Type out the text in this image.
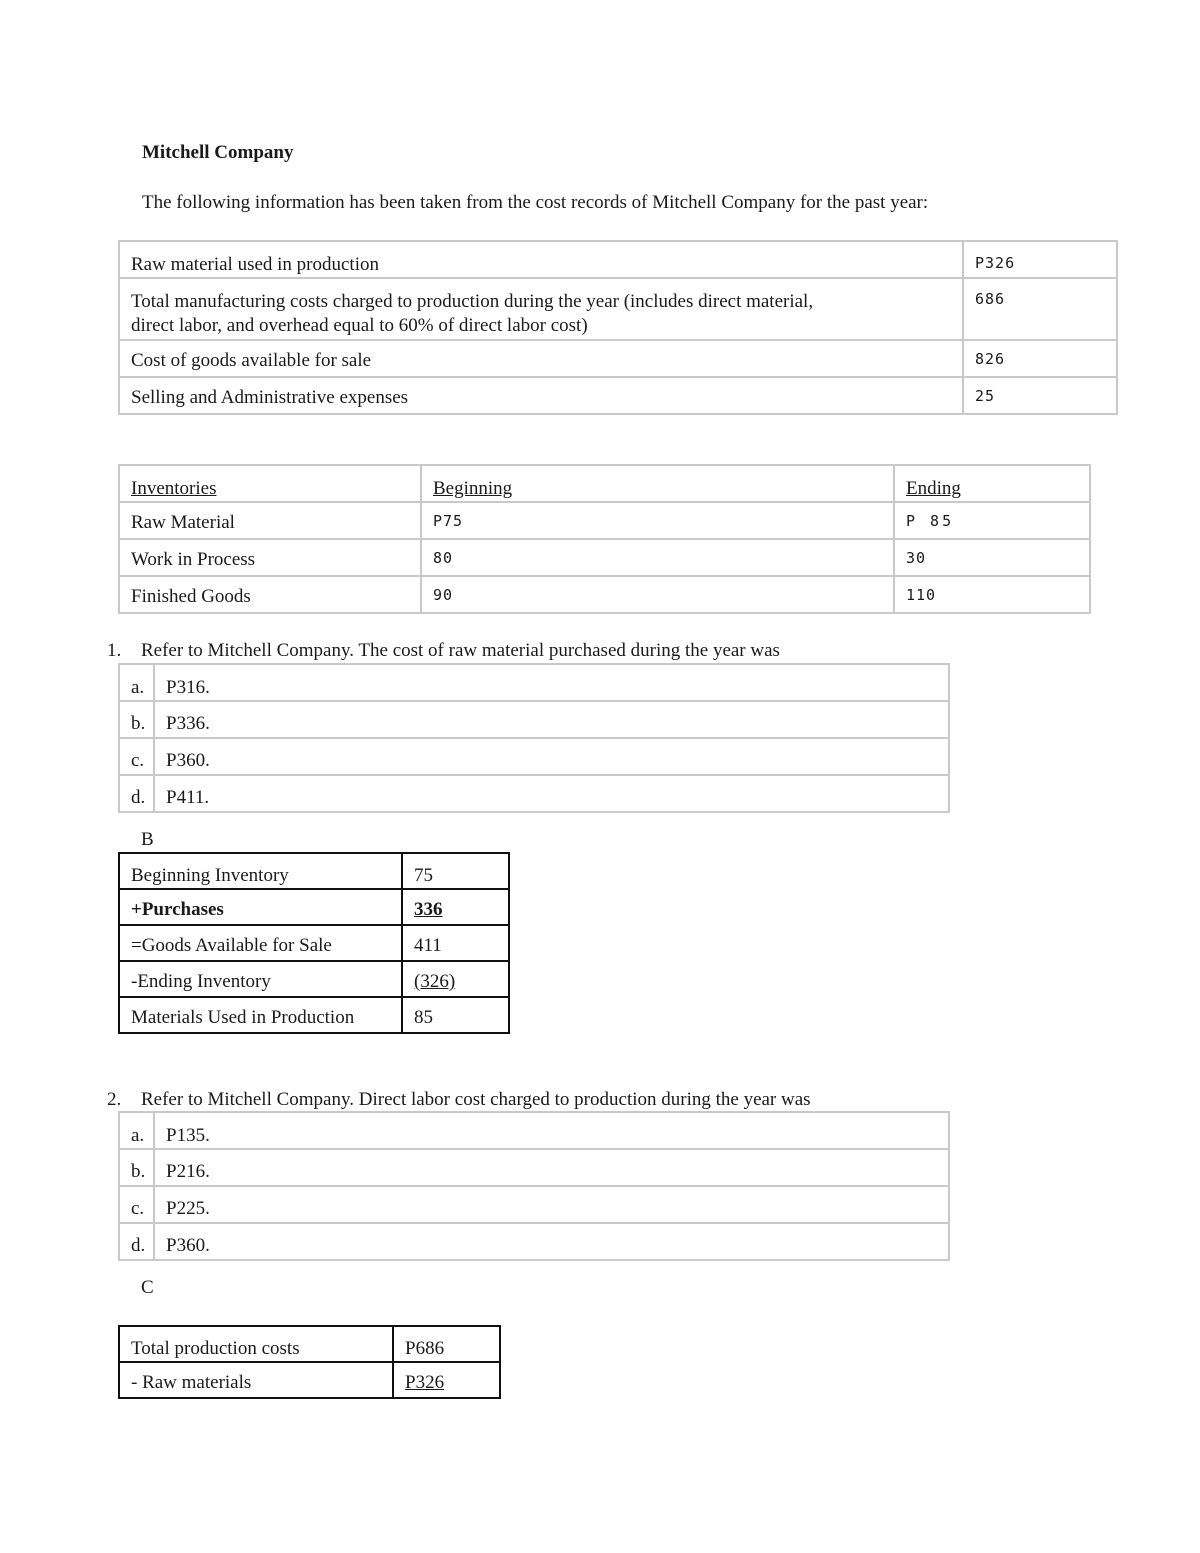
Mitchell Company
The following information has been taken from the cost records of Mitchell Company for the past year:
Raw material used in production	P326

Total manufacturing costs charged to production during the year (includes direct material,
direct labor, and overhead equal to 60% of direct labor cost)	686
Cost of goods available for sale	826
Selling and Administrative expenses	25
Inventories	Beginning	Ending
Raw Material	P75	P 85
Work in Process	80	30
Finished Goods	90	110
1. Refer to Mitchell Company. The cost of raw material purchased during the year was
a.	P316.
b.	P336.
c.	P360.
d.	P411.
B
Beginning Inventory	75
+Purchases	336
=Goods Available for Sale	411
-Ending Inventory	(326)
Materials Used in Production	85
2. Refer to Mitchell Company. Direct labor cost charged to production during the year was
a.	P135.
b.	P216.
c.	P225.
d.	P360.
C
Total production costs	P686
- Raw materials	P326
